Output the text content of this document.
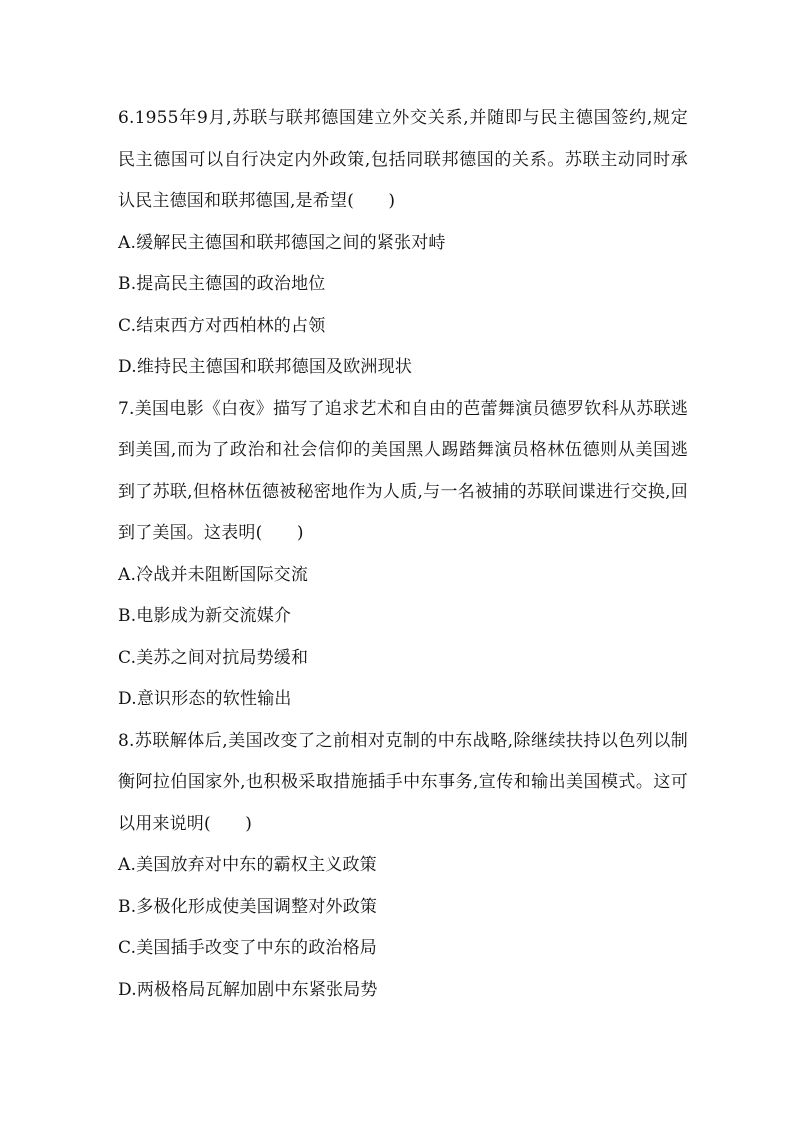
6.1955年9月,苏联与联邦德国建立外交关系,并随即与民主德国签约,规定民主德国可以自行决定内外政策,包括同联邦德国的关系。苏联主动同时承认民主德国和联邦德国,是希望(　　)

A.缓解民主德国和联邦德国之间的紧张对峙
B.提高民主德国的政治地位
C.结束西方对西柏林的占领
D.维持民主德国和联邦德国及欧洲现状

7.美国电影《白夜》描写了追求艺术和自由的芭蕾舞演员德罗钦科从苏联逃到美国,而为了政治和社会信仰的美国黑人踢踏舞演员格林伍德则从美国逃到了苏联,但格林伍德被秘密地作为人质,与一名被捕的苏联间谍进行交换,回到了美国。这表明(　　)

A.冷战并未阻断国际交流
B.电影成为新交流媒介
C.美苏之间对抗局势缓和
D.意识形态的软性输出

8.苏联解体后,美国改变了之前相对克制的中东战略,除继续扶持以色列以制衡阿拉伯国家外,也积极采取措施插手中东事务,宣传和输出美国模式。这可以用来说明(　　)

A.美国放弃对中东的霸权主义政策
B.多极化形成使美国调整对外政策
C.美国插手改变了中东的政治格局
D.两极格局瓦解加剧中东紧张局势
